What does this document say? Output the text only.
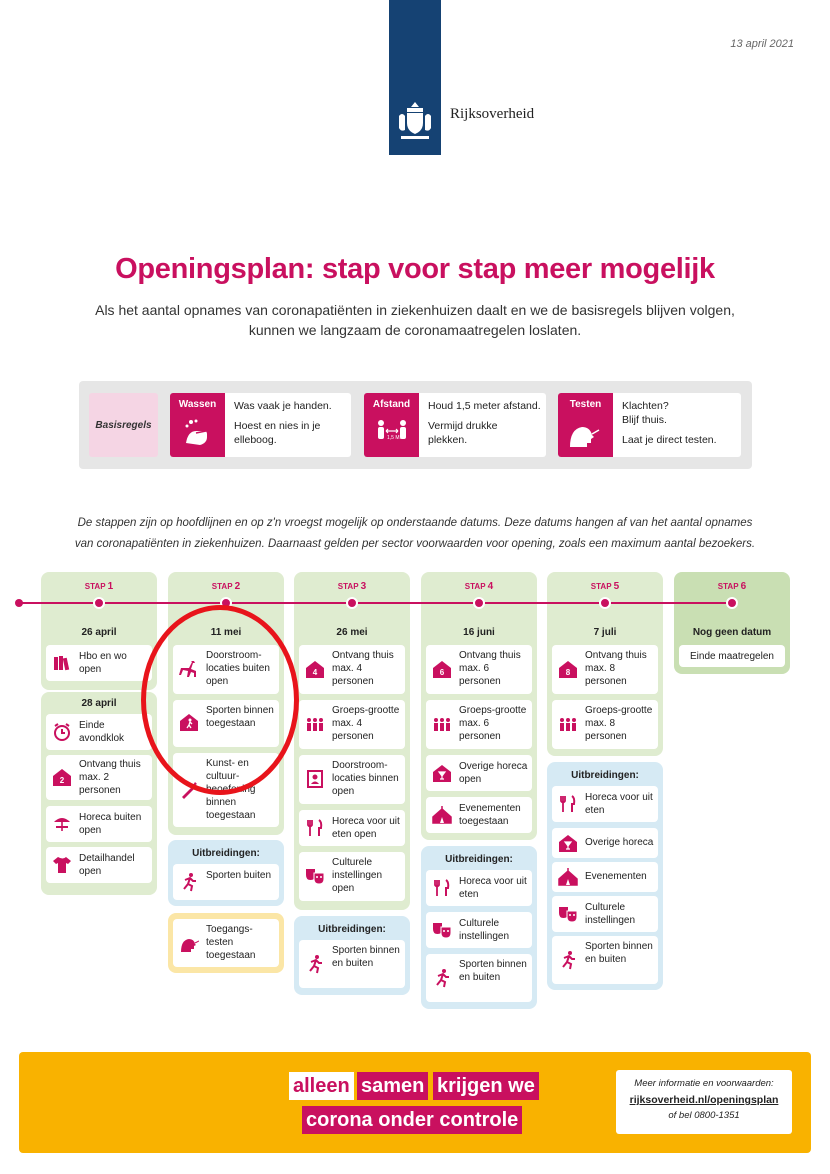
13 april 2021
Rijksoverheid
Openingsplan: stap voor stap meer mogelijk
Als het aantal opnames van coronapatiënten in ziekenhuizen daalt en we de basisregels blijven volgen,
kunnen we langzaam de coronamaatregelen loslaten.
Basisregels
Wassen	Was vaak je handen.

Hoest en nies in je elleboog.

Afstand
1,5 M.

Houd 1,5 meter afstand.

Vermijd drukke plekken.

Testen	Klachten? Blijf thuis.

Laat je direct testen.

De stappen zijn op hoofdlijnen en op z'n vroegst mogelijk op onderstaande datums. Deze datums hangen af van het aantal opnames
van coronapatiënten in ziekenhuizen. Daarnaast gelden per sector voorwaarden voor opening, zoals een maximum aantal bezoekers.
STAP 1
26 april
Hbo en wo open
28 april
Einde avondklok
2
Ontvang thuis max. 2 personen
Horeca buiten open
Detailhandel open
STAP 2
11 mei
Doorstroom-locaties buiten open
Sporten binnen toegestaan
Kunst- en cultuur-beoefening binnen toegestaan
Uitbreidingen:
Sporten buiten
Toegangs-testen toegestaan
STAP 3
26 mei
4
Ontvang thuis max. 4 personen
Groeps-grootte max. 4 personen
Doorstroom-locaties binnen open
Horeca voor uit eten open
Culturele instellingen open
Uitbreidingen:
Sporten binnen en buiten
STAP 4
16 juni
6
Ontvang thuis max. 6 personen
Groeps-grootte max. 6 personen
Overige horeca open
Evenementen toegestaan
Uitbreidingen:
Horeca voor uit eten
Culturele instellingen
Sporten binnen en buiten
STAP 5
7 juli
8
Ontvang thuis max. 8 personen
Groeps-grootte max. 8 personen
Uitbreidingen:
Horeca voor uit eten
Overige horeca
Evenementen
Culturele instellingen
Sporten binnen en buiten
STAP 6
Nog geen datum
Einde maatregelen
alleen samen krijgen we
corona onder controle
Meer informatie en voorwaarden:
rijksoverheid.nl/openingsplan
of bel 0800-1351
